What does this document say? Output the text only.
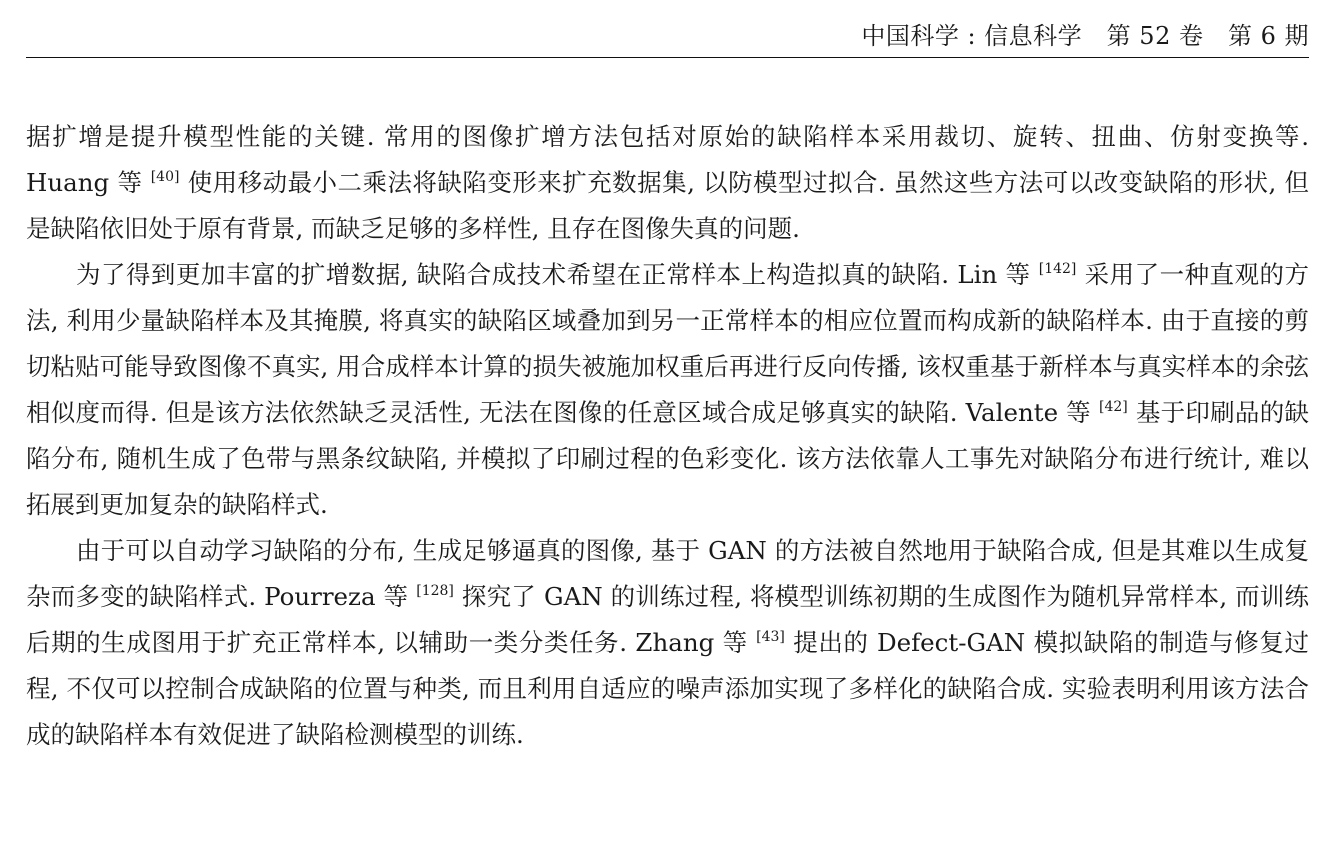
中国科学 : 信息科学　第 52 卷　第 6 期

据扩增是提升模型性能的关键. 常用的图像扩增方法包括对原始的缺陷样本采用裁切、旋转、扭曲、仿射变换等. Huang 等 [40] 使用移动最小二乘法将缺陷变形来扩充数据集, 以防模型过拟合. 虽然这些方法可以改变缺陷的形状, 但是缺陷依旧处于原有背景, 而缺乏足够的多样性, 且存在图像失真的问题.

为了得到更加丰富的扩增数据, 缺陷合成技术希望在正常样本上构造拟真的缺陷. Lin 等 [142] 采用了一种直观的方法, 利用少量缺陷样本及其掩膜, 将真实的缺陷区域叠加到另一正常样本的相应位置而构成新的缺陷样本. 由于直接的剪切粘贴可能导致图像不真实, 用合成样本计算的损失被施加权重后再进行反向传播, 该权重基于新样本与真实样本的余弦相似度而得. 但是该方法依然缺乏灵活性, 无法在图像的任意区域合成足够真实的缺陷. Valente 等 [42] 基于印刷品的缺陷分布, 随机生成了色带与黑条纹缺陷, 并模拟了印刷过程的色彩变化. 该方法依靠人工事先对缺陷分布进行统计, 难以拓展到更加复杂的缺陷样式.

由于可以自动学习缺陷的分布, 生成足够逼真的图像, 基于 GAN 的方法被自然地用于缺陷合成, 但是其难以生成复杂而多变的缺陷样式. Pourreza 等 [128] 探究了 GAN 的训练过程, 将模型训练初期的生成图作为随机异常样本, 而训练后期的生成图用于扩充正常样本, 以辅助一类分类任务. Zhang 等 [43] 提出的 Defect-GAN 模拟缺陷的制造与修复过程, 不仅可以控制合成缺陷的位置与种类, 而且利用自适应的噪声添加实现了多样化的缺陷合成. 实验表明利用该方法合成的缺陷样本有效促进了缺陷检测模型的训练.
